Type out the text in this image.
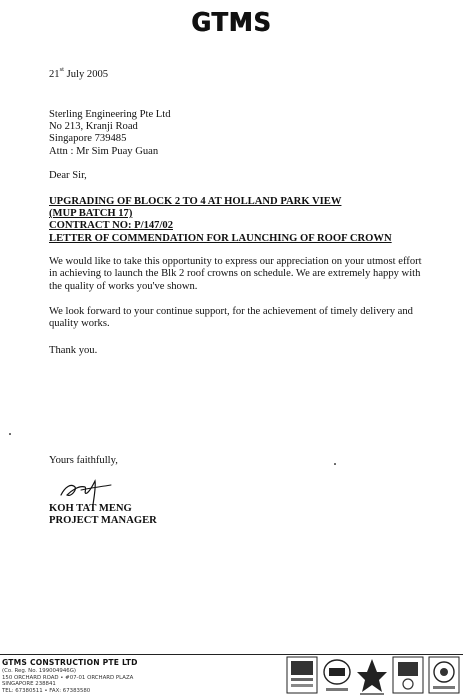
GTMS
21st July 2005
Sterling Engineering Pte Ltd
No 213, Kranji Road
Singapore 739485
Attn : Mr Sim Puay Guan
Dear Sir,
UPGRADING OF BLOCK 2 TO 4 AT HOLLAND PARK VIEW
(MUP BATCH 17)
CONTRACT NO: P/147/02
LETTER OF COMMENDATION FOR LAUNCHING OF ROOF CROWN
We would like to take this opportunity to express our appreciation on your utmost effort in achieving to launch the Blk 2 roof crowns on schedule. We are extremely happy with the quality of works you've shown.
We look forward to your continue support, for the achievement of timely delivery and quality works.
Thank you.
Yours faithfully,
KOH TAT MENG
PROJECT MANAGER
GTMS CONSTRUCTION PTE LTD
(Co. Reg. No. 199004946G)
150 ORCHARD ROAD • #07-01 ORCHARD PLAZA
SINGAPORE 238841
TEL: 67380511 • FAX: 67383580
